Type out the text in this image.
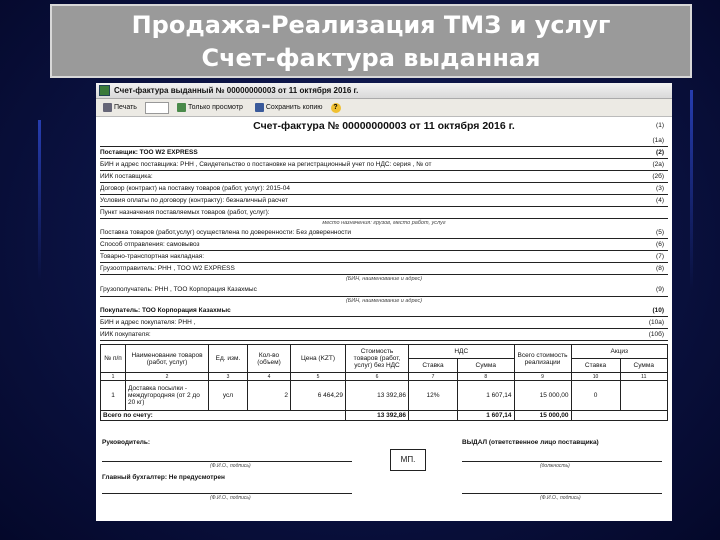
Продажа-Реализация ТМЗ и услуг
Счет-фактура выданная
Счет-фактура выданный № 00000000003 от 11 октября 2016 г.
Печать	Только просмотр	Сохранить копию	?
Счет-фактура № 00000000003 от 11 октября 2016 г.	(1)
(1а)
Поставщик: ТОО W2 EXPRESS	(2)
БИН и адрес поставщика: РНН , Свидетельство о постановке на регистрационный учет по НДС: серия , № от	(2а)
ИИК поставщика:	(2б)
Договор (контракт) на поставку товаров (работ, услуг): 2015-04	(3)
Условия оплаты по договору (контракту): безналичный расчет	(4)
Пункт назначения поставляемых товаров (работ, услуг):
место назначения: грузов, место работ, услуг
Поставка товаров (работ,услуг) осуществлена по доверенности: Без доверенности	(5)
Способ отправления: самовывоз	(6)
Товарно-транспортная накладная:	(7)
Грузоотправитель: РНН , ТОО W2 EXPRESS	(8)
(БИН, наименование и адрес)
Грузополучатель: РНН , ТОО Корпорация Казахмыс	(9)
(БИН, наименование и адрес)
Покупатель: ТОО Корпорация Казахмыс	(10)
БИН и адрес покупателя: РНН ,	(10а)
ИИК покупателя:	(10б)
№ п/п	Наименование товаров (работ, услуг)	Ед. изм.	Кол-во (объем)	Цена (KZT)	Стоимость товаров (работ, услуг) без НДС	НДС		Всего стоимость реализации	Акциз	
						Ставка	Сумма		Ставка	Сумма
1	2	3	4	5	6	7	8	9	10	11
1	Доставка посылки - междугородняя (от 2 до 20 кг)	усл	2	6 464,29	13 392,86	12%	1 607,14	15 000,00	0	
Всего по счету:					13 392,86		1 607,14	15 000,00		
Руководитель:
(Ф.И.О., подпись)
ВЫДАЛ (ответственное лицо поставщика)
(должность)
МП.
Главный бухгалтер: Не предусмотрен
(Ф.И.О., подпись)	(Ф.И.О., подпись)
